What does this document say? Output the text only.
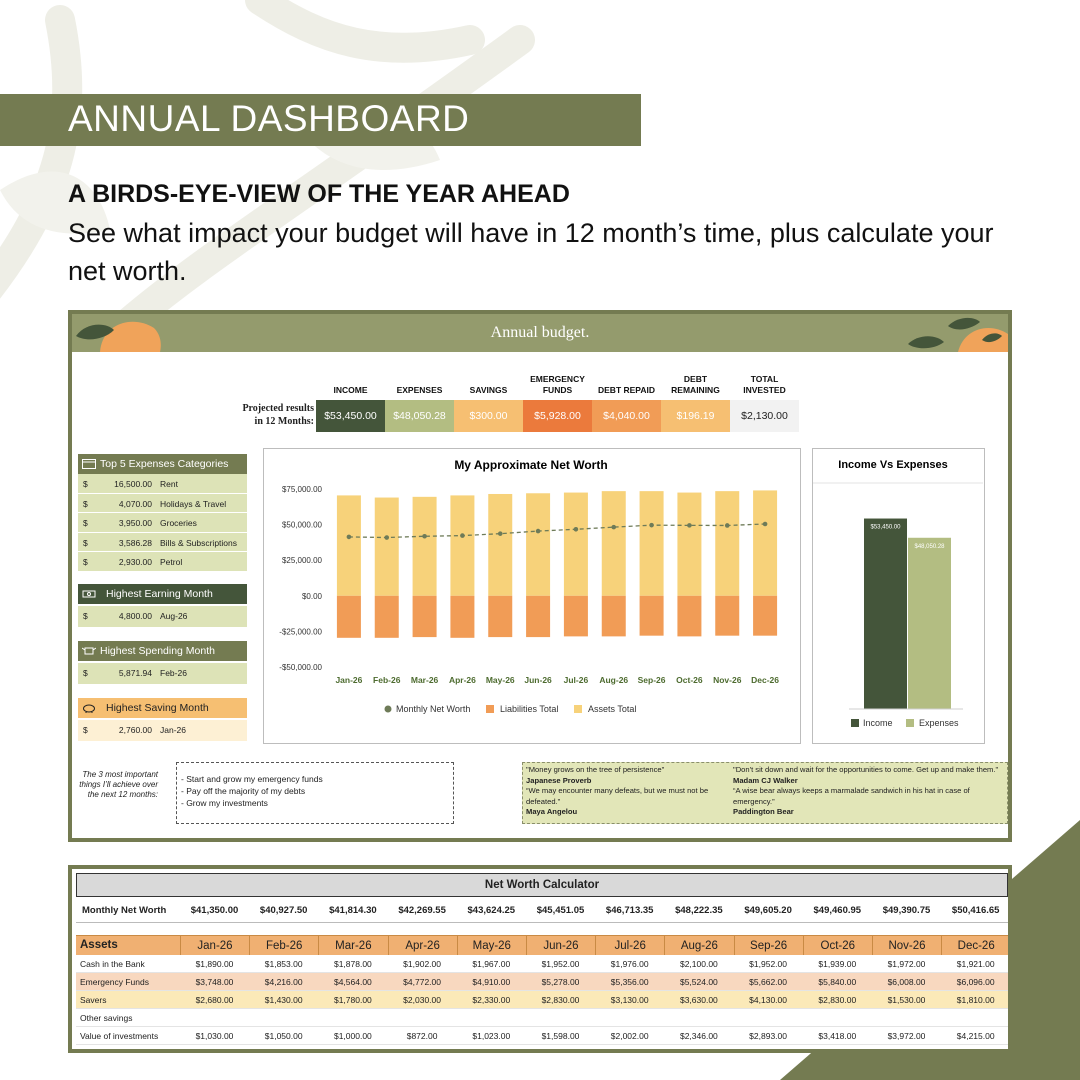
ANNUAL DASHBOARD
A BIRDS-EYE-VIEW OF THE YEAR AHEAD
See what impact your budget will have in 12 month’s time, plus calculate your net worth.
Annual budget.
INCOME
$53,450.00
EXPENSES
$48,050.28
SAVINGS
$300.00
EMERGENCY
FUNDS
$5,928.00
DEBT REPAID
$4,040.00
DEBT
REMAINING
$196.19
TOTAL
INVESTED
$2,130.00
Projected results
in 12 Months:
Top 5 Expenses Categories
$	16,500.00 Rent
$	4,070.00 Holidays & Travel
$	3,950.00 Groceries
$	3,586.28 Bills & Subscriptions
$	2,930.00 Petrol
Highest Earning Month
$	4,800.00 Aug-26
Highest Spending Month
$	5,871.94 Feb-26
Highest Saving Month
$	2,760.00 Jan-26
My Approximate Net Worth
$75,000.00
$50,000.00
$25,000.00
$0.00
-$25,000.00
-$50,000.00
Jan-26 Feb-26 Mar-26 Apr-26 May-26 Jun-26 Jul-26 Aug-26 Sep-26 Oct-26 Nov-26 Dec-26
Monthly Net Worth	Liabilities Total	Assets Total
Income Vs Expenses
$53,450.00
$48,050.28
Income	Expenses
The 3 most important things I’ll achieve over the next 12 months:
- Start and grow my emergency funds
- Pay off the majority of my debts
- Grow my investments
"Money grows on the tree of persistence"
Japanese Proverb
“We may encounter many defeats, but we must not be defeated.”
Maya Angelou
"Don't sit down and wait for the opportunities to come. Get up and make them." Madam CJ Walker
“A wise bear always keeps a marmalade sandwich in his hat in case of emergency.”
Paddington Bear
Net Worth Calculator
Monthly Net Worth	$41,350.00	$40,927.50	$41,814.30	$42,269.55	$43,624.25	$45,451.05	$46,713.35	$48,222.35	$49,605.20	$49,460.95	$49,390.75	$50,416.65
Assets	Jan-26	Feb-26	Mar-26	Apr-26	May-26	Jun-26	Jul-26	Aug-26	Sep-26	Oct-26	Nov-26	Dec-26
Cash in the Bank	$1,890.00	$1,853.00	$1,878.00	$1,902.00	$1,967.00	$1,952.00	$1,976.00	$2,100.00	$1,952.00	$1,939.00	$1,972.00	$1,921.00
Emergency Funds	$3,748.00	$4,216.00	$4,564.00	$4,772.00	$4,910.00	$5,278.00	$5,356.00	$5,524.00	$5,662.00	$5,840.00	$6,008.00	$6,096.00
Savers	$2,680.00	$1,430.00	$1,780.00	$2,030.00	$2,330.00	$2,830.00	$3,130.00	$3,630.00	$4,130.00	$2,830.00	$1,530.00	$1,810.00
Other savings
Value of investments	$1,030.00	$1,050.00	$1,000.00	$872.00	$1,023.00	$1,598.00	$2,002.00	$2,346.00	$2,893.00	$3,418.00	$3,972.00	$4,215.00
